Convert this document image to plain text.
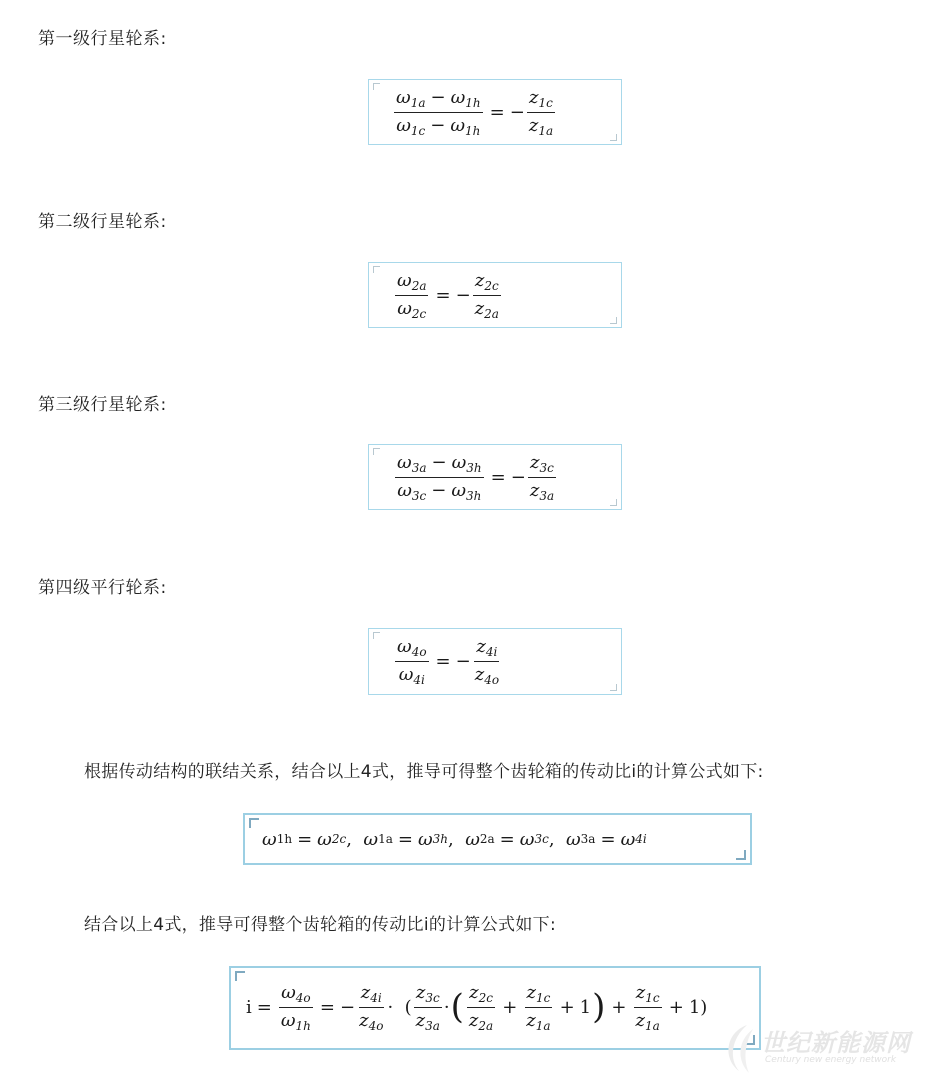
第一级行星轮系:
$\frac{\omega_{1a} - \omega_{1h}}{\omega_{1c} - \omega_{1h}}$ = − $\frac{z_{1c}}{z_{1a}}$
第二级行星轮系:
$\frac{\omega_{2a}}{\omega_{2c}}$ = − $\frac{z_{2c}}{z_{2a}}$
第三级行星轮系:
$\frac{\omega_{3a} - \omega_{3h}}{\omega_{3c} - \omega_{3h}}$ = − $\frac{z_{3c}}{z_{3a}}$
第四级平行轮系:
$\frac{\omega_{4o}}{\omega_{4i}}$ = − $\frac{z_{4i}}{z_{4o}}$
根据传动结构的联结关系，结合以上4式，推导可得整个齿轮箱的传动比i的计算公式如下:
ω 1h = ω 2c , ω 1a = ω 3h , ω 2a = ω 3c , ω 3a = ω 4i
结合以上4式，推导可得整个齿轮箱的传动比i的计算公式如下:
$i = \frac{\omega_{4o}}{\omega_{1h}}$ = − $\frac{z_{4i}}{z_{4o}}$ ·  ( $\frac{z_{3c}}{z_{3a}}$ · ( $\frac{z_{2c}}{z_{2a}} + \frac{z_{1c}}{z_{1a}} + 1$ ) + $\frac{z_{1c}}{z_{1a}} + 1$)
世纪新能源网
Century new energy network
